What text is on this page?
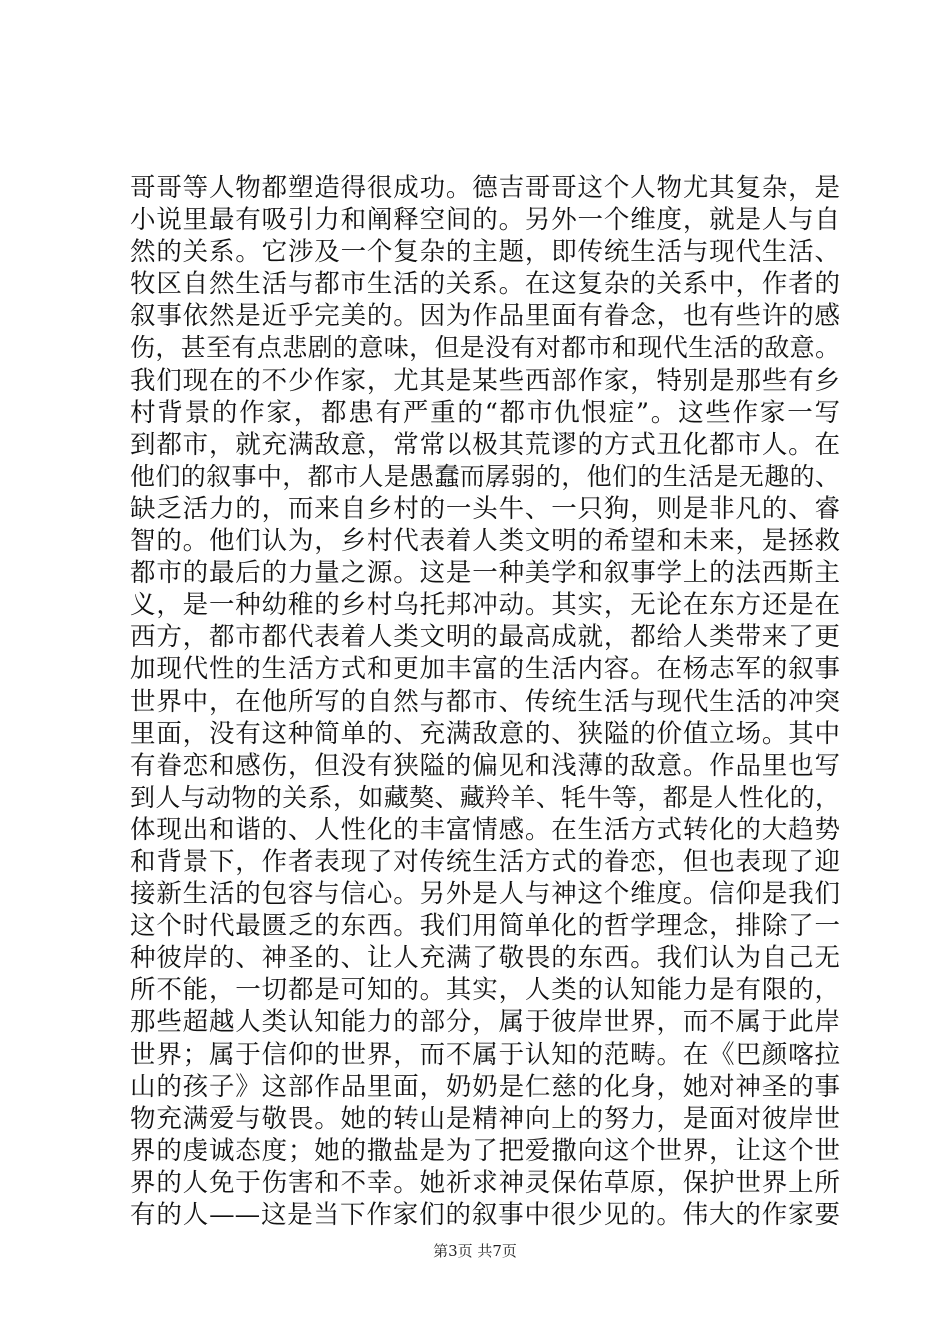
哥哥等人物都塑造得很成功。德吉哥哥这个人物尤其复杂，是
小说里最有吸引力和阐释空间的。另外一个维度，就是人与自
然的关系。它涉及一个复杂的主题，即传统生活与现代生活、
牧区自然生活与都市生活的关系。在这复杂的关系中，作者的
叙事依然是近乎完美的。因为作品里面有眷念，也有些许的感
伤，甚至有点悲剧的意味，但是没有对都市和现代生活的敌意。
我们现在的不少作家，尤其是某些西部作家，特别是那些有乡
村背景的作家，都患有严重的“都市仇恨症”。这些作家一写
到都市，就充满敌意，常常以极其荒谬的方式丑化都市人。在
他们的叙事中，都市人是愚蠢而孱弱的，他们的生活是无趣的、
缺乏活力的，而来自乡村的一头牛、一只狗，则是非凡的、睿
智的。他们认为，乡村代表着人类文明的希望和未来，是拯救
都市的最后的力量之源。这是一种美学和叙事学上的法西斯主
义，是一种幼稚的乡村乌托邦冲动。其实，无论在东方还是在
西方，都市都代表着人类文明的最高成就，都给人类带来了更
加现代性的生活方式和更加丰富的生活内容。在杨志军的叙事
世界中，在他所写的自然与都市、传统生活与现代生活的冲突
里面，没有这种简单的、充满敌意的、狭隘的价值立场。其中
有眷恋和感伤，但没有狭隘的偏见和浅薄的敌意。作品里也写
到人与动物的关系，如藏獒、藏羚羊、牦牛等，都是人性化的，
体现出和谐的、人性化的丰富情感。在生活方式转化的大趋势
和背景下，作者表现了对传统生活方式的眷恋，但也表现了迎
接新生活的包容与信心。另外是人与神这个维度。信仰是我们
这个时代最匮乏的东西。我们用简单化的哲学理念，排除了一
种彼岸的、神圣的、让人充满了敬畏的东西。我们认为自己无
所不能，一切都是可知的。其实，人类的认知能力是有限的，
那些超越人类认知能力的部分，属于彼岸世界，而不属于此岸
世界；属于信仰的世界，而不属于认知的范畴。在《巴颜喀拉
山的孩子》这部作品里面，奶奶是仁慈的化身，她对神圣的事
物充满爱与敬畏。她的转山是精神向上的努力，是面对彼岸世
界的虔诚态度；她的撒盐是为了把爱撒向这个世界，让这个世
界的人免于伤害和不幸。她祈求神灵保佑草原，保护世界上所
有的人——这是当下作家们的叙事中很少见的。伟大的作家要
第3页 共7页
